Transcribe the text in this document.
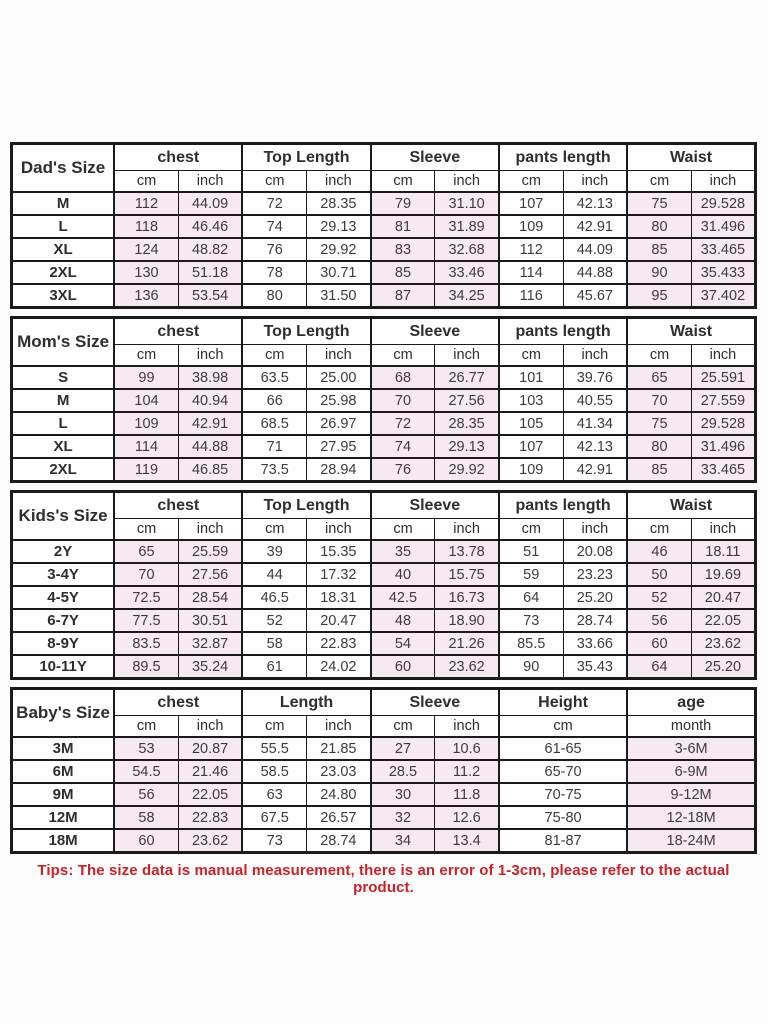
Dad's Size	chest		Top Length		Sleeve		pants length		Waist	
	cm	inch	cm	inch	cm	inch	cm	inch	cm	inch
M	112	44.09	72	28.35	79	31.10	107	42.13	75	29.528
L	118	46.46	74	29.13	81	31.89	109	42.91	80	31.496
XL	124	48.82	76	29.92	83	32.68	112	44.09	85	33.465
2XL	130	51.18	78	30.71	85	33.46	114	44.88	90	35.433
3XL	136	53.54	80	31.50	87	34.25	116	45.67	95	37.402
Mom's Size	chest		Top Length		Sleeve		pants length		Waist	
	cm	inch	cm	inch	cm	inch	cm	inch	cm	inch
S	99	38.98	63.5	25.00	68	26.77	101	39.76	65	25.591
M	104	40.94	66	25.98	70	27.56	103	40.55	70	27.559
L	109	42.91	68.5	26.97	72	28.35	105	41.34	75	29.528
XL	114	44.88	71	27.95	74	29.13	107	42.13	80	31.496
2XL	119	46.85	73.5	28.94	76	29.92	109	42.91	85	33.465
Kids's Size	chest		Top Length		Sleeve		pants length		Waist	
	cm	inch	cm	inch	cm	inch	cm	inch	cm	inch
2Y	65	25.59	39	15.35	35	13.78	51	20.08	46	18.11
3-4Y	70	27.56	44	17.32	40	15.75	59	23.23	50	19.69
4-5Y	72.5	28.54	46.5	18.31	42.5	16.73	64	25.20	52	20.47
6-7Y	77.5	30.51	52	20.47	48	18.90	73	28.74	56	22.05
8-9Y	83.5	32.87	58	22.83	54	21.26	85.5	33.66	60	23.62
10-11Y	89.5	35.24	61	24.02	60	23.62	90	35.43	64	25.20
Baby's Size	chest		Length		Sleeve		Height	age
	cm	inch	cm	inch	cm	inch	cm	month
3M	53	20.87	55.5	21.85	27	10.6	61-65	3-6M
6M	54.5	21.46	58.5	23.03	28.5	11.2	65-70	6-9M
9M	56	22.05	63	24.80	30	11.8	70-75	9-12M
12M	58	22.83	67.5	26.57	32	12.6	75-80	12-18M
18M	60	23.62	73	28.74	34	13.4	81-87	18-24M

Tips: The size data is manual measurement, there is an error of 1-3cm, please refer to the actual product.
